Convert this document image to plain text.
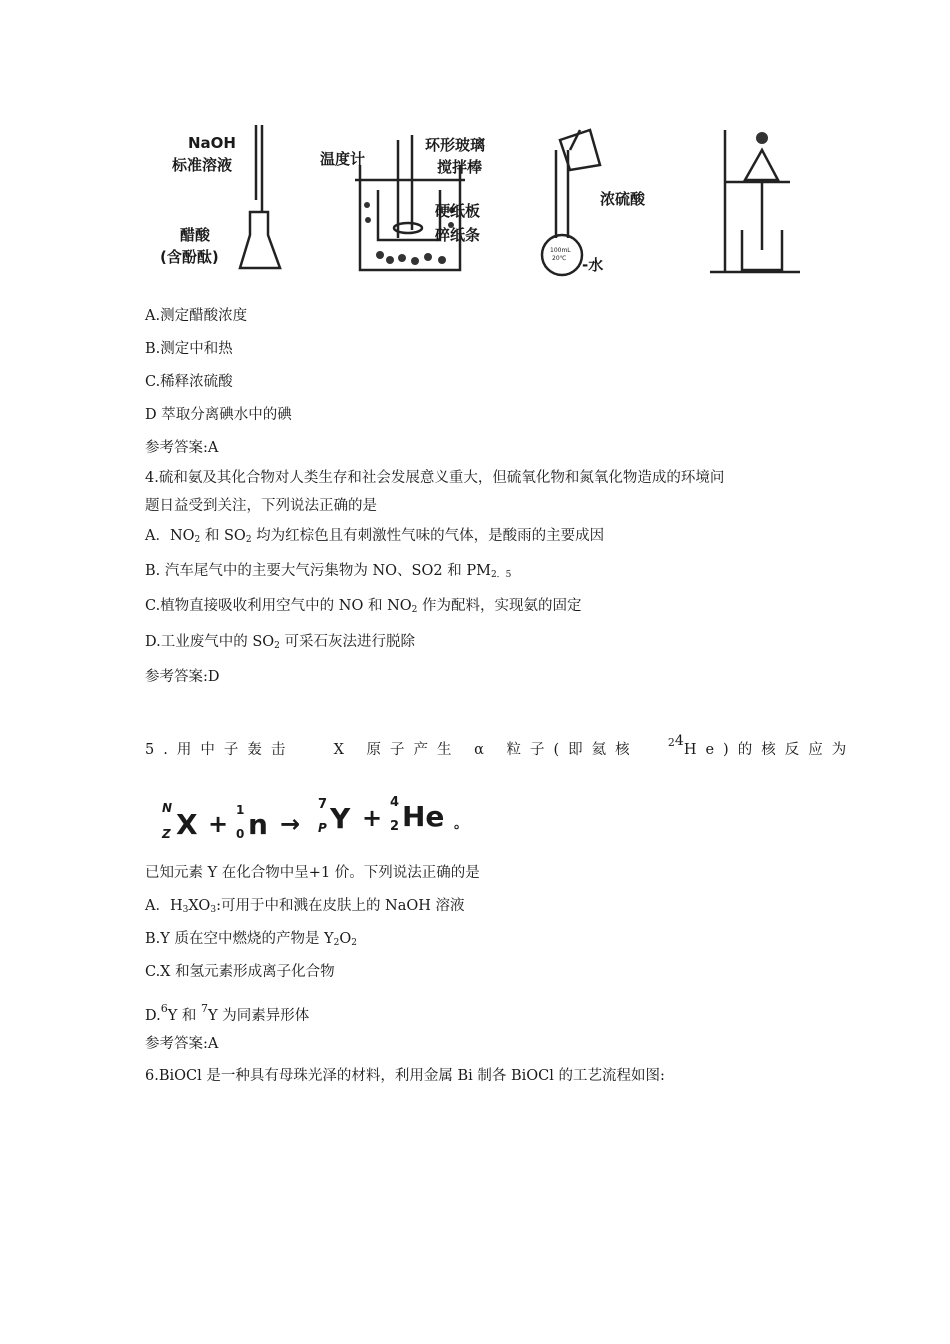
NaOH
标准溶液
醋酸
(含酚酞)
温度计
环形玻璃
搅拌棒
硬纸板
碎纸条
浓硫酸
-水
100mL
20℃
A.测定醋酸浓度
B.测定中和热
C.稀释浓硫酸
D 萃取分离碘水中的碘
参考答案:A
4.硫和氨及其化合物对人类生存和社会发展意义重大，但硫氧化物和氮氧化物造成的环境问
题日益受到关注，下列说法正确的是
A．$NO_2$ 和 $SO_2$ 均为红棕色且有刺激性气味的气体，是酸雨的主要成因
B. 汽车尾气中的主要大气污集物为 NO、SO2 和 $PM_{2.5}$
C.植物直接吸收利用空气中的 NO 和 $NO_2$ 作为配料，实现氨的固定
D.工业废气中的 $SO_2$ 可采石灰法进行脱除
参考答案:D
5.用中子轰击	X 原子产生 α 粒子(即氦核	$^{24}$He)的核反应为
N
Z X + 1
0 n →
7
P Y +
4
2 He 。
已知元素 Y 在化合物中呈+1 价。下列说法正确的是
A．$H_3XO_3$:可用于中和溅在皮肤上的 NaOH 溶液
B.Y 质在空中燃烧的产物是 $Y_2O_2$
C.X 和氢元素形成离子化合物
D.$^6$Y 和 $^7$Y 为同素异形体
参考答案:A
6.BiOCl 是一种具有母珠光泽的材料，利用金属 Bi 制各 BiOCl 的工艺流程如图:
